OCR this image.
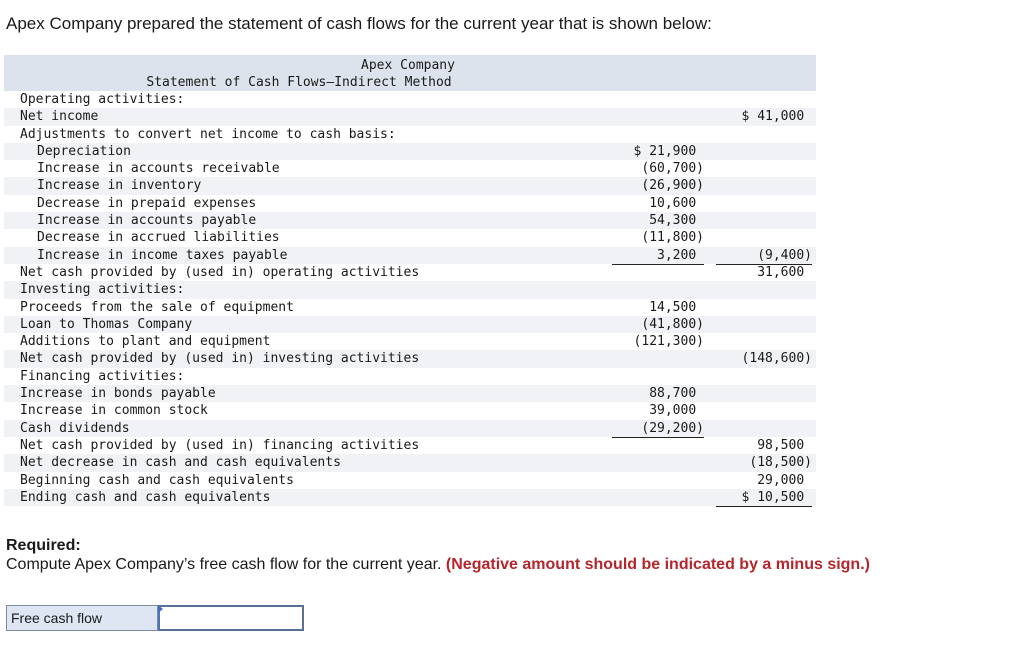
Apex Company prepared the statement of cash flows for the current year that is shown below:
Apex Company
Statement of Cash Flows—Indirect Method
Operating activities:
Net income	$ 41,000
Adjustments to convert net income to cash basis:
Depreciation	$ 21,900
Increase in accounts receivable	(60,700)
Increase in inventory	(26,900)
Decrease in prepaid expenses	10,600
Increase in accounts payable	54,300
Decrease in accrued liabilities	(11,800)
Increase in income taxes payable	3,200	(9,400)
Net cash provided by (used in) operating activities	31,600
Investing activities:
Proceeds from the sale of equipment	14,500
Loan to Thomas Company	(41,800)
Additions to plant and equipment	(121,300)
Net cash provided by (used in) investing activities	(148,600)
Financing activities:
Increase in bonds payable	88,700
Increase in common stock	39,000
Cash dividends	(29,200)
Net cash provided by (used in) financing activities	98,500
Net decrease in cash and cash equivalents	(18,500)
Beginning cash and cash equivalents	29,000
Ending cash and cash equivalents	$ 10,500
Required:
Compute Apex Company’s free cash flow for the current year. (Negative amount should be indicated by a minus sign.)
Free cash flow
